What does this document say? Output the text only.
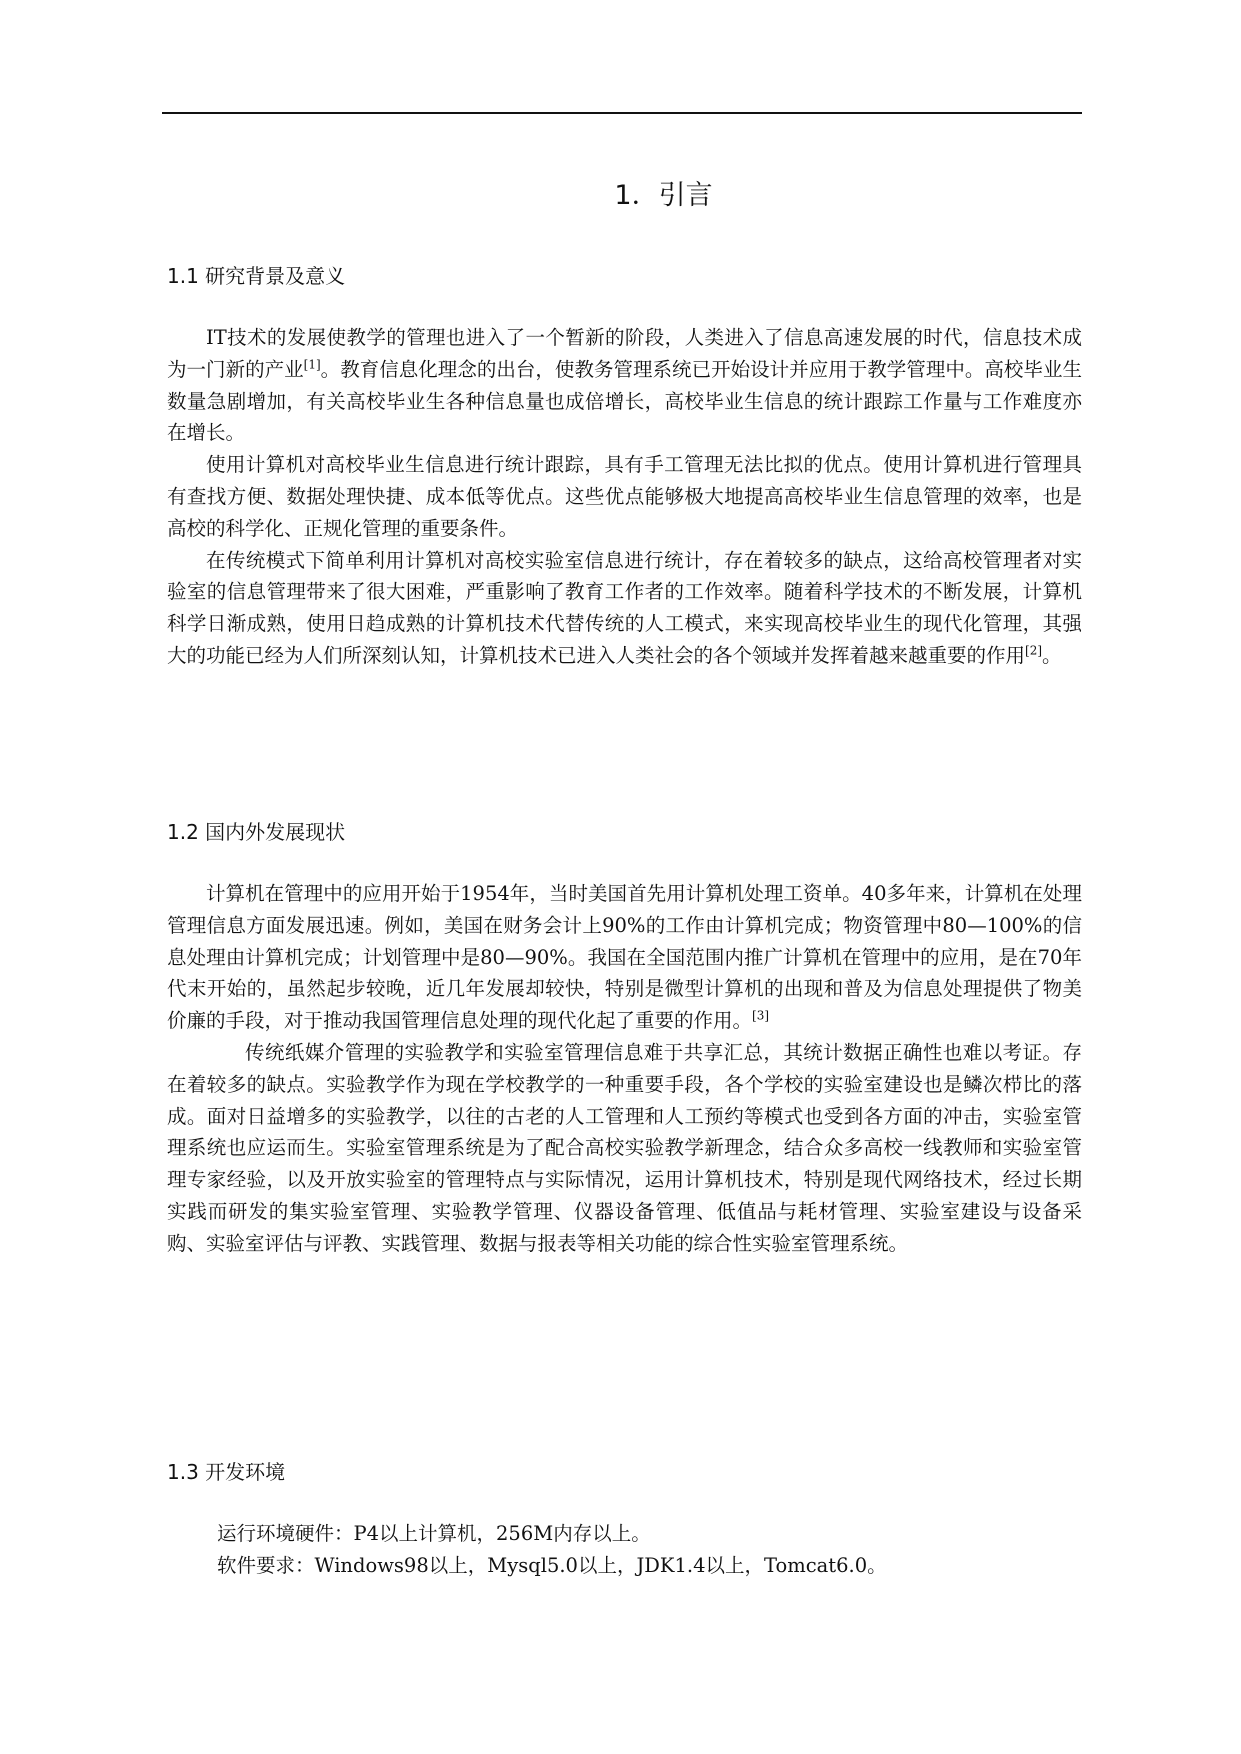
1．引言
1.1 研究背景及意义

IT技术的发展使教学的管理也进入了一个暂新的阶段，人类进入了信息高速发展的时代，信息技术成为一门新的产业[1]。教育信息化理念的出台，使教务管理系统已开始设计并应用于教学管理中。高校毕业生数量急剧增加，有关高校毕业生各种信息量也成倍增长，高校毕业生信息的统计跟踪工作量与工作难度亦在增长。

使用计算机对高校毕业生信息进行统计跟踪，具有手工管理无法比拟的优点。使用计算机进行管理具有查找方便、数据处理快捷、成本低等优点。这些优点能够极大地提高高校毕业生信息管理的效率，也是高校的科学化、正规化管理的重要条件。

在传统模式下简单利用计算机对高校实验室信息进行统计，存在着较多的缺点，这给高校管理者对实验室的信息管理带来了很大困难，严重影响了教育工作者的工作效率。随着科学技术的不断发展，计算机科学日渐成熟，使用日趋成熟的计算机技术代替传统的人工模式，来实现高校毕业生的现代化管理，其强大的功能已经为人们所深刻认知，计算机技术已进入人类社会的各个领域并发挥着越来越重要的作用[2]。

1.2 国内外发展现状

计算机在管理中的应用开始于1954年，当时美国首先用计算机处理工资单。40多年来，计算机在处理管理信息方面发展迅速。例如，美国在财务会计上90%的工作由计算机完成；物资管理中80—100%的信息处理由计算机完成；计划管理中是80—90%。我国在全国范围内推广计算机在管理中的应用，是在70年代末开始的，虽然起步较晚，近几年发展却较快，特别是微型计算机的出现和普及为信息处理提供了物美价廉的手段，对于推动我国管理信息处理的现代化起了重要的作用。[3]

传统纸媒介管理的实验教学和实验室管理信息难于共享汇总，其统计数据正确性也难以考证。存在着较多的缺点。实验教学作为现在学校教学的一种重要手段，各个学校的实验室建设也是鳞次栉比的落成。面对日益增多的实验教学，以往的古老的人工管理和人工预约等模式也受到各方面的冲击，实验室管理系统也应运而生。实验室管理系统是为了配合高校实验教学新理念，结合众多高校一线教师和实验室管理专家经验，以及开放实验室的管理特点与实际情况，运用计算机技术，特别是现代网络技术，经过长期实践而研发的集实验室管理、实验教学管理、仪器设备管理、低值品与耗材管理、实验室建设与设备采购、实验室评估与评教、实践管理、数据与报表等相关功能的综合性实验室管理系统。

1.3 开发环境

运行环境硬件：P4以上计算机，256M内存以上。

软件要求：Windows98以上，Mysql5.0以上，JDK1.4以上，Tomcat6.0。
